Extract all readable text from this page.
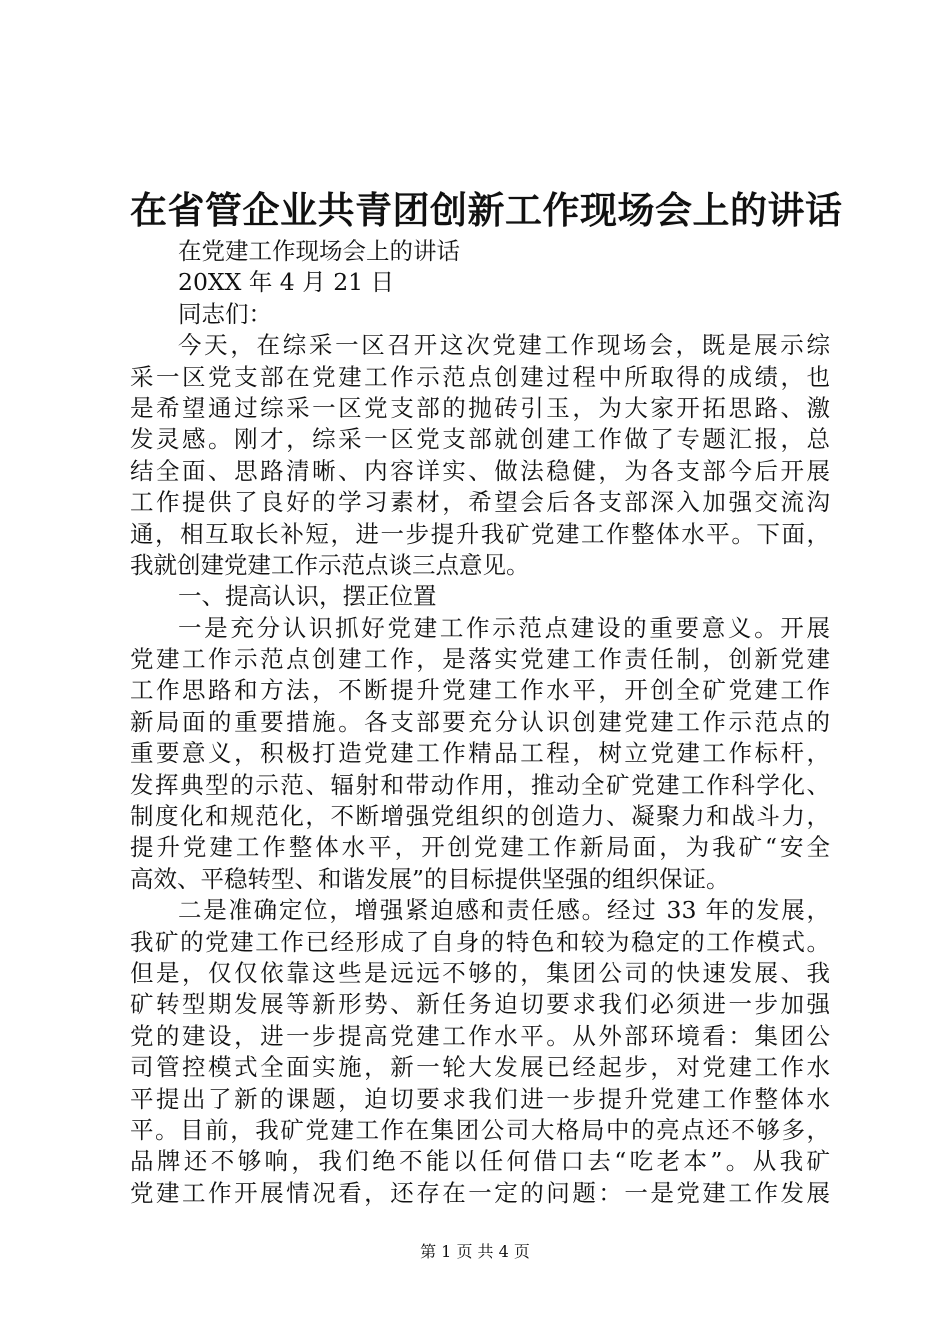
在省管企业共青团创新工作现场会上的讲话
在党建工作现场会上的讲话
20XX 年 4 月 21 日
同志们：
今天，在综采一区召开这次党建工作现场会，既是展示综
采一区党支部在党建工作示范点创建过程中所取得的成绩，也
是希望通过综采一区党支部的抛砖引玉，为大家开拓思路、激
发灵感。刚才，综采一区党支部就创建工作做了专题汇报，总
结全面、思路清晰、内容详实、做法稳健，为各支部今后开展
工作提供了良好的学习素材，希望会后各支部深入加强交流沟
通，相互取长补短，进一步提升我矿党建工作整体水平。下面，
我就创建党建工作示范点谈三点意见。
一、提高认识，摆正位置
一是充分认识抓好党建工作示范点建设的重要意义。开展
党建工作示范点创建工作，是落实党建工作责任制，创新党建
工作思路和方法，不断提升党建工作水平，开创全矿党建工作
新局面的重要措施。各支部要充分认识创建党建工作示范点的
重要意义，积极打造党建工作精品工程，树立党建工作标杆，
发挥典型的示范、辐射和带动作用，推动全矿党建工作科学化、
制度化和规范化，不断增强党组织的创造力、凝聚力和战斗力，
提升党建工作整体水平，开创党建工作新局面，为我矿“安全
高效、平稳转型、和谐发展”的目标提供坚强的组织保证。
二是准确定位，增强紧迫感和责任感。经过 33 年的发展，
我矿的党建工作已经形成了自身的特色和较为稳定的工作模式。
但是，仅仅依靠这些是远远不够的，集团公司的快速发展、我
矿转型期发展等新形势、新任务迫切要求我们必须进一步加强
党的建设，进一步提高党建工作水平。从外部环境看：集团公
司管控模式全面实施，新一轮大发展已经起步，对党建工作水
平提出了新的课题，迫切要求我们进一步提升党建工作整体水
平。目前，我矿党建工作在集团公司大格局中的亮点还不够多，
品牌还不够响，我们绝不能以任何借口去“吃老本”。从我矿
党建工作开展情况看，还存在一定的问题：一是党建工作发展
第 1 页 共 4 页
